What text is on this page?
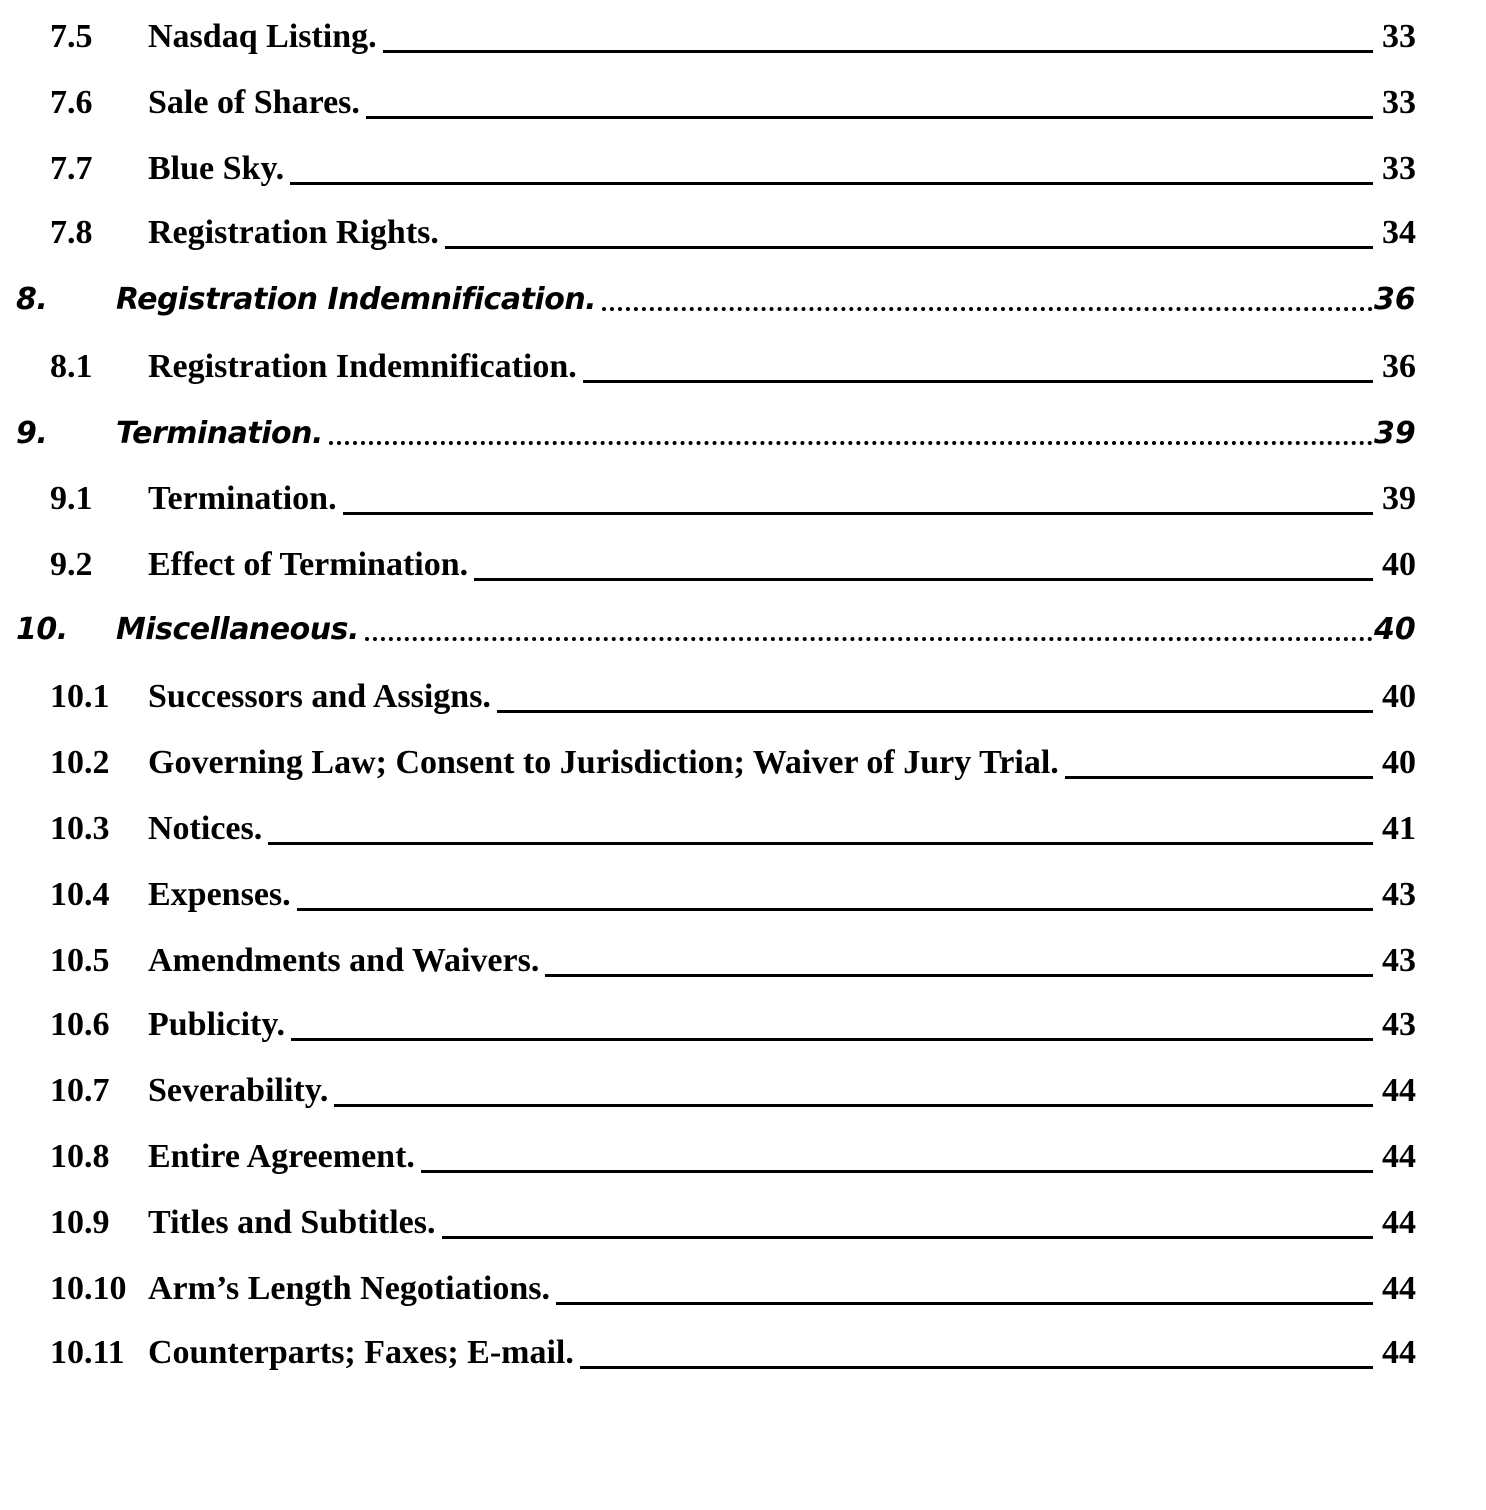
7.5 Nasdaq Listing.	33
7.6 Sale of Shares.	33
7.7 Blue Sky.	33
7.8 Registration Rights.	34
8. Registration Indemnification.	36
8.1 Registration Indemnification.	36
9. Termination.	39
9.1 Termination.	39
9.2 Effect of Termination.	40
10. Miscellaneous.	40
10.1 Successors and Assigns.	40
10.2 Governing Law; Consent to Jurisdiction; Waiver of Jury Trial.	40
10.3 Notices.	41
10.4 Expenses.	43
10.5 Amendments and Waivers.	43
10.6 Publicity.	43
10.7 Severability.	44
10.8 Entire Agreement.	44
10.9 Titles and Subtitles.	44
10.10 Arm’s Length Negotiations.	44
10.11 Counterparts; Faxes; E-mail.	44
